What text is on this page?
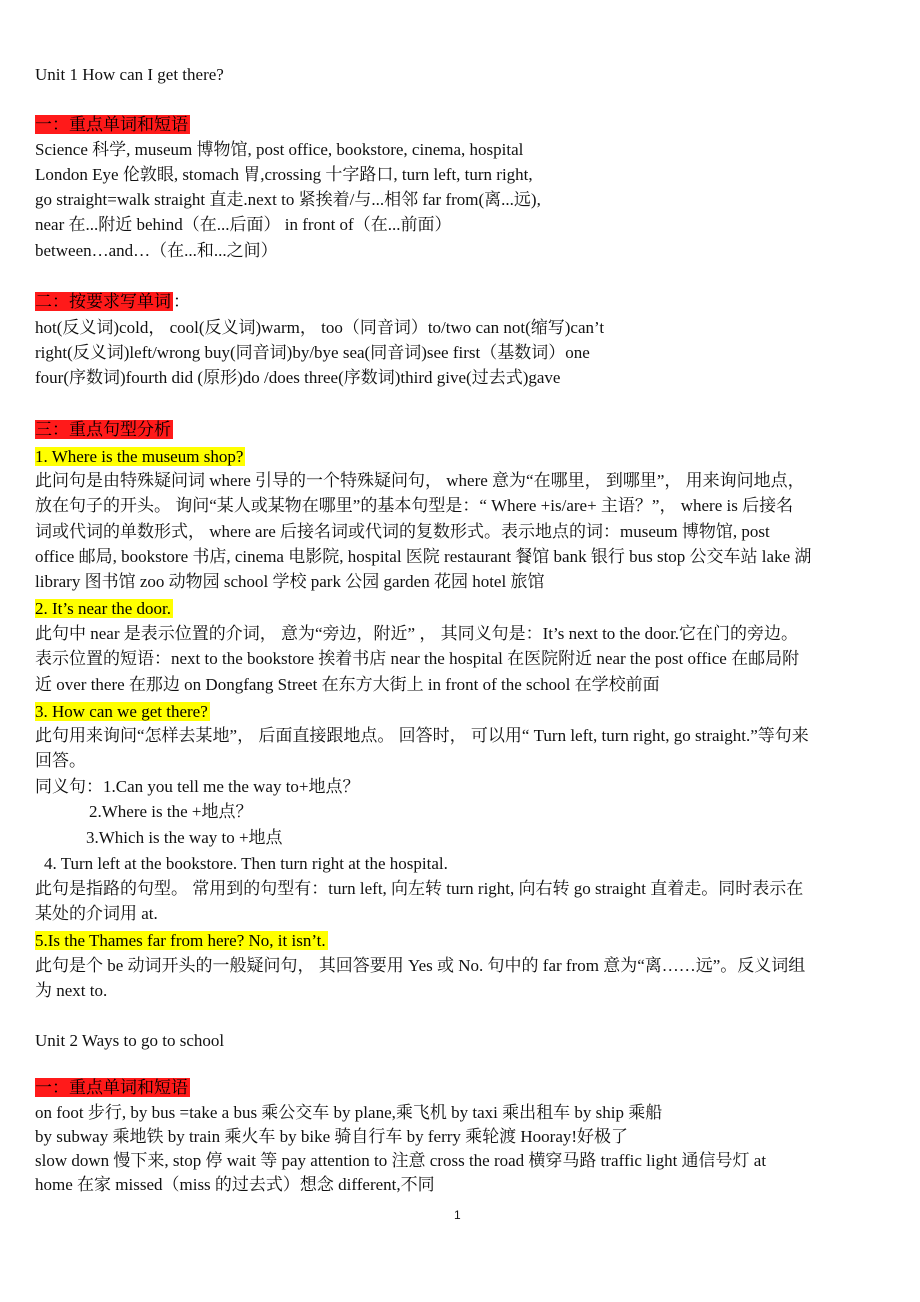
Unit 1 How can I get there?
一：重点单词和短语
Science 科学, museum 博物馆, post office, bookstore, cinema, hospital
London Eye 伦敦眼, stomach 胃,crossing 十字路口, turn left, turn right,
go straight=walk straight 直走.next to 紧挨着/与...相邻 far from(离...远),
near 在...附近 behind（在...后面） in front of（在...前面）
between…and…（在...和...之间）
二：按要求写单词 ：
hot(反义词)cold， cool(反义词)warm， too（同音词）to/two can not(缩写)can’t
right(反义词)left/wrong buy(同音词)by/bye sea(同音词)see first（基数词）one
four(序数词)fourth did (原形)do /does three(序数词)third give(过去式)gave
三：重点句型分析
1. Where is the museum shop?
此问句是由特殊疑问词 where 引导的一个特殊疑问句， where 意为“在哪里， 到哪里”， 用来询问地点，
放在句子的开头。 询问“某人或某物在哪里”的基本句型是：“ Where +is/are+ 主语？”， where is 后接名
词或代词的单数形式， where are 后接名词或代词的复数形式。表示地点的词：museum 博物馆, post
office 邮局, bookstore 书店, cinema 电影院, hospital 医院 restaurant 餐馆 bank 银行 bus stop 公交车站 lake 湖
library 图书馆 zoo 动物园 school 学校 park 公园 garden 花园 hotel 旅馆
2. It’s near the door.
此句中 near 是表示位置的介词， 意为“旁边，附近” ， 其同义句是：It’s next to the door.它在门的旁边。
表示位置的短语：next to the bookstore 挨着书店 near the hospital 在医院附近 near the post office 在邮局附
近 over there 在那边 on Dongfang Street 在东方大街上 in front of the school 在学校前面
3. How can we get there?
此句用来询问“怎样去某地”， 后面直接跟地点。 回答时， 可以用“ Turn left, turn right, go straight.”等句来
回答。
同义句：1.Can you tell me the way to+地点？
2.Where is the +地点？
3.Which is the way to +地点
4. Turn left at the bookstore. Then turn right at the hospital.
此句是指路的句型。 常用到的句型有：turn left, 向左转 turn right, 向右转 go straight 直着走。同时表示在
某处的介词用 at.
5.Is the Thames far from here? No, it isn’t.
此句是个 be 动词开头的一般疑问句， 其回答要用 Yes 或 No. 句中的 far from 意为“离……远”。反义词组
为 next to.
Unit 2 Ways to go to school
一：重点单词和短语
on foot 步行, by bus =take a bus 乘公交车 by plane,乘飞机 by taxi 乘出租车 by ship 乘船
by subway 乘地铁 by train 乘火车 by bike 骑自行车 by ferry 乘轮渡 Hooray!好极了
slow down 慢下来, stop 停 wait 等 pay attention to 注意 cross the road 横穿马路 traffic light 通信号灯 at
home 在家 missed（miss 的过去式）想念 different,不同
1
